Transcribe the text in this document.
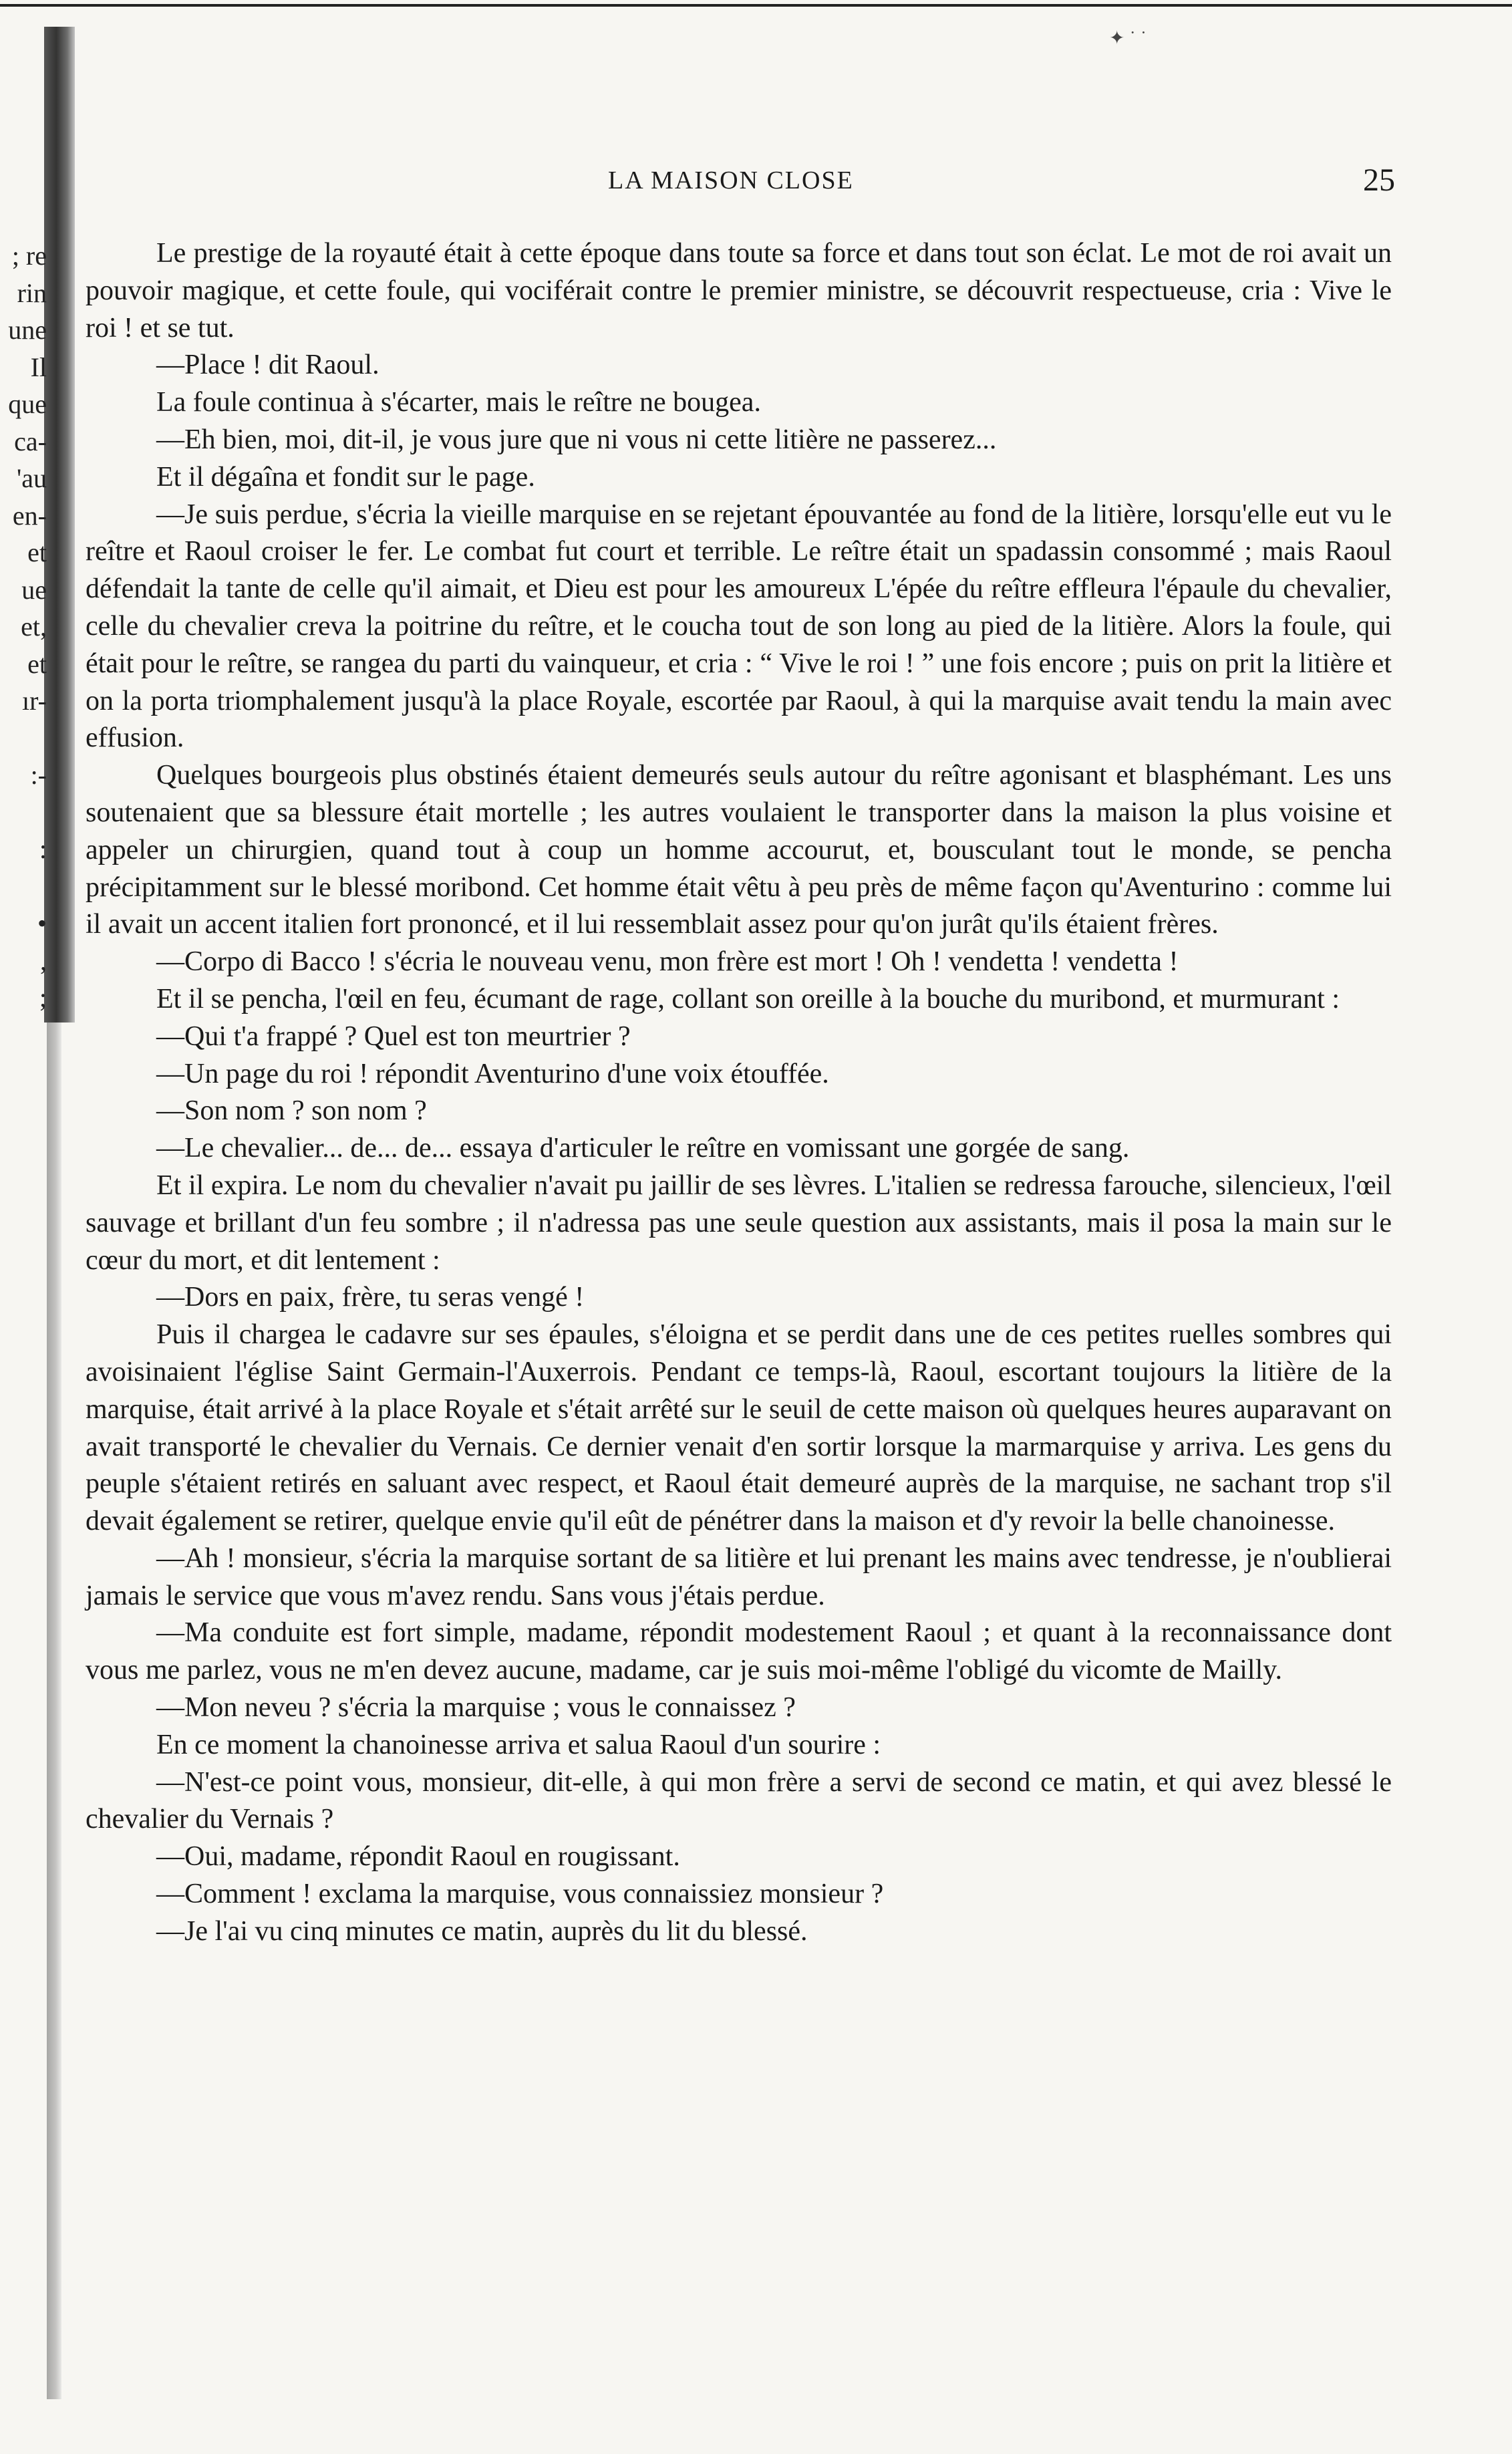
✦ ˙ ˙
; re
rin
une
Il
que
ca-
'au
en-
et
ue
et,
et
ır-

:-

:

•
,
;
LA MAISON CLOSE	25

Le prestige de la royauté était à cette époque dans toute sa force et dans tout son éclat. Le mot de roi avait un pouvoir magique, et cette foule, qui vociférait contre le premier ministre, se découvrit respectueuse, cria : Vive le roi ! et se tut.

—Place ! dit Raoul.

La foule continua à s'écarter, mais le reître ne bougea.

—Eh bien, moi, dit-il, je vous jure que ni vous ni cette litière ne passerez...

Et il dégaîna et fondit sur le page.

—Je suis perdue, s'écria la vieille marquise en se rejetant épouvantée au fond de la litière, lorsqu'elle eut vu le reître et Raoul croiser le fer. Le combat fut court et terrible. Le reître était un spadassin consommé ; mais Raoul défendait la tante de celle qu'il aimait, et Dieu est pour les amoureux L'épée du reître effleura l'épaule du chevalier, celle du chevalier creva la poitrine du reître, et le coucha tout de son long au pied de la litière. Alors la foule, qui était pour le reître, se rangea du parti du vainqueur, et cria : “ Vive le roi ! ” une fois encore ; puis on prit la litière et on la porta triomphalement jusqu'à la place Royale, escortée par Raoul, à qui la marquise avait tendu la main avec effusion.

Quelques bourgeois plus obstinés étaient demeurés seuls autour du reître agonisant et blasphémant. Les uns soutenaient que sa blessure était mortelle ; les autres voulaient le transporter dans la maison la plus voisine et appeler un chirurgien, quand tout à coup un homme accourut, et, bousculant tout le monde, se pencha précipitamment sur le blessé moribond. Cet homme était vêtu à peu près de même façon qu'Aventurino : comme lui il avait un accent italien fort prononcé, et il lui ressemblait assez pour qu'on jurât qu'ils étaient frères.

—Corpo di Bacco ! s'écria le nouveau venu, mon frère est mort ! Oh ! vendetta ! vendetta !

Et il se pencha, l'œil en feu, écumant de rage, collant son oreille à la bouche du muribond, et murmurant :

—Qui t'a frappé ? Quel est ton meurtrier ?

—Un page du roi ! répondit Aventurino d'une voix étouffée.

—Son nom ? son nom ?

—Le chevalier... de... de... essaya d'articuler le reître en vomissant une gorgée de sang.

Et il expira. Le nom du chevalier n'avait pu jaillir de ses lèvres. L'italien se redressa farouche, silencieux, l'œil sauvage et brillant d'un feu sombre ; il n'adressa pas une seule question aux assistants, mais il posa la main sur le cœur du mort, et dit lentement :

—Dors en paix, frère, tu seras vengé !

Puis il chargea le cadavre sur ses épaules, s'éloigna et se perdit dans une de ces petites ruelles sombres qui avoisinaient l'église Saint Germain-l'Auxerrois. Pendant ce temps-là, Raoul, escortant toujours la litière de la marquise, était arrivé à la place Royale et s'était arrêté sur le seuil de cette maison où quelques heures auparavant on avait transporté le chevalier du Vernais. Ce dernier venait d'en sortir lorsque la marmarquise y arriva. Les gens du peuple s'étaient retirés en saluant avec respect, et Raoul était demeuré auprès de la marquise, ne sachant trop s'il devait également se retirer, quelque envie qu'il eût de pénétrer dans la maison et d'y revoir la belle chanoinesse.

—Ah ! monsieur, s'écria la marquise sortant de sa litière et lui prenant les mains avec tendresse, je n'oublierai jamais le service que vous m'avez rendu. Sans vous j'étais perdue.

—Ma conduite est fort simple, madame, répondit modestement Raoul ; et quant à la reconnaissance dont vous me parlez, vous ne m'en devez aucune, madame, car je suis moi-même l'obligé du vicomte de Mailly.

—Mon neveu ? s'écria la marquise ; vous le connaissez ?

En ce moment la chanoinesse arriva et salua Raoul d'un sourire :

—N'est-ce point vous, monsieur, dit-elle, à qui mon frère a servi de second ce matin, et qui avez blessé le chevalier du Vernais ?

—Oui, madame, répondit Raoul en rougissant.

—Comment ! exclama la marquise, vous connaissiez monsieur ?

—Je l'ai vu cinq minutes ce matin, auprès du lit du blessé.
